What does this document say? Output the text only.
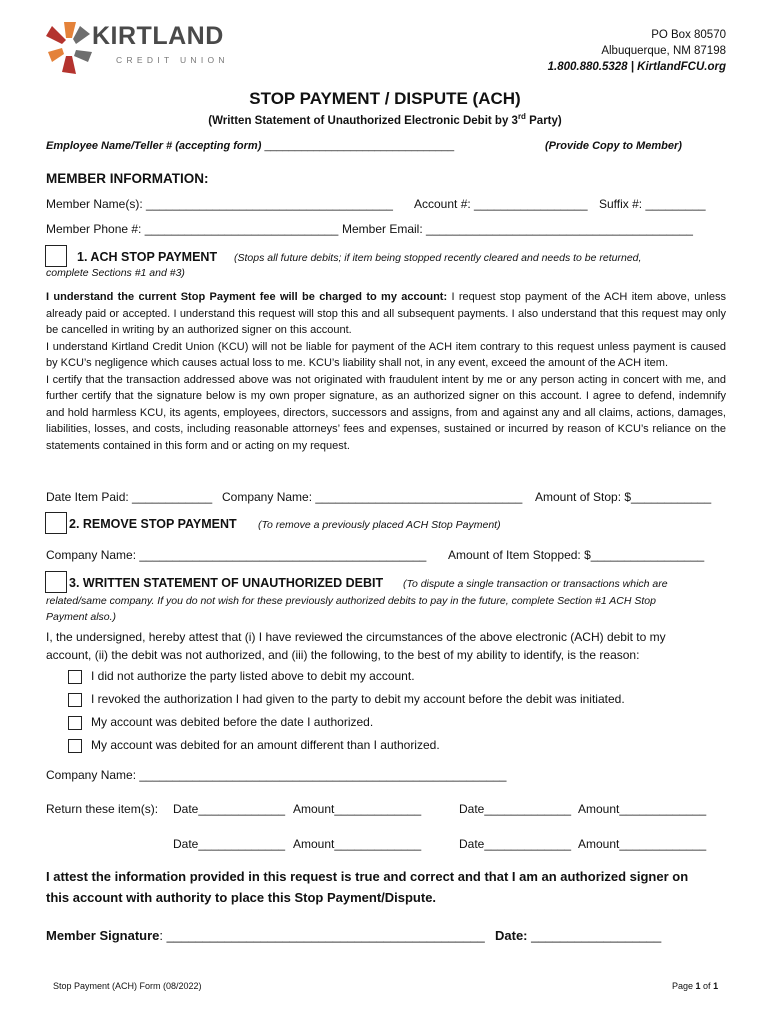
KIRTLAND
CREDIT UNION
PO Box 80570
Albuquerque, NM 87198
1.800.880.5328 | KirtlandFCU.org
STOP PAYMENT / DISPUTE (ACH)
(Written Statement of Unauthorized Electronic Debit by 3rd Party)
Employee Name/Teller # (accepting form) _______________________________	(Provide Copy to Member)
MEMBER INFORMATION:
Member Name(s): _____________________________________ Account #: _________________ Suffix #: _________
Member Phone #: _____________________________ Member Email: ________________________________________
1. ACH STOP PAYMENT (Stops all future debits; if item being stopped recently cleared and needs to be returned,
complete Sections #1 and #3)
I understand the current Stop Payment fee will be charged to my account: I request stop payment of the ACH item above, unless already paid or accepted. I understand this request will stop this and all subsequent payments. I also understand that this request may only be cancelled in writing by an authorized signer on this account.
I understand Kirtland Credit Union (KCU) will not be liable for payment of the ACH item contrary to this request unless payment is caused by KCU’s negligence which causes actual loss to me. KCU’s liability shall not, in any event, exceed the amount of the ACH item.
I certify that the transaction addressed above was not originated with fraudulent intent by me or any person acting in concert with me, and further certify that the signature below is my own proper signature, as an authorized signer on this account. I agree to defend, indemnify and hold harmless KCU, its agents, employees, directors, successors and assigns, from and against any and all claims, actions, damages, liabilities, losses, and costs, including reasonable attorneys’ fees and expenses, sustained or incurred by reason of KCU’s reliance on the statements contained in this form and or acting on my request.
Date Item Paid: ____________ Company Name: _______________________________ Amount of Stop: $____________
2. REMOVE STOP PAYMENT (To remove a previously placed ACH Stop Payment)
Company Name: ___________________________________________ Amount of Item Stopped: $_________________
3. WRITTEN STATEMENT OF UNAUTHORIZED DEBIT (To dispute a single transaction or transactions which are
related/same company. If you do not wish for these previously authorized debits to pay in the future, complete Section #1 ACH Stop
Payment also.)
I, the undersigned, hereby attest that (i) I have reviewed the circumstances of the above electronic (ACH) debit to my
account, (ii) the debit was not authorized, and (iii) the following, to the best of my ability to identify, is the reason:
I did not authorize the party listed above to debit my account.
I revoked the authorization I had given to the party to debit my account before the debit was initiated.
My account was debited before the date I authorized.
My account was debited for an amount different than I authorized.
Company Name: _______________________________________________________
Return these item(s): Date_____________ Amount_____________	Date_____________ Amount_____________
Date_____________ Amount_____________	Date_____________ Amount_____________
I attest the information provided in this request is true and correct and that I am an authorized signer on
this account with authority to place this Stop Payment/Dispute.
Member Signature: ____________________________________________ Date: __________________
Stop Payment (ACH) Form (08/2022)	Page 1 of 1
